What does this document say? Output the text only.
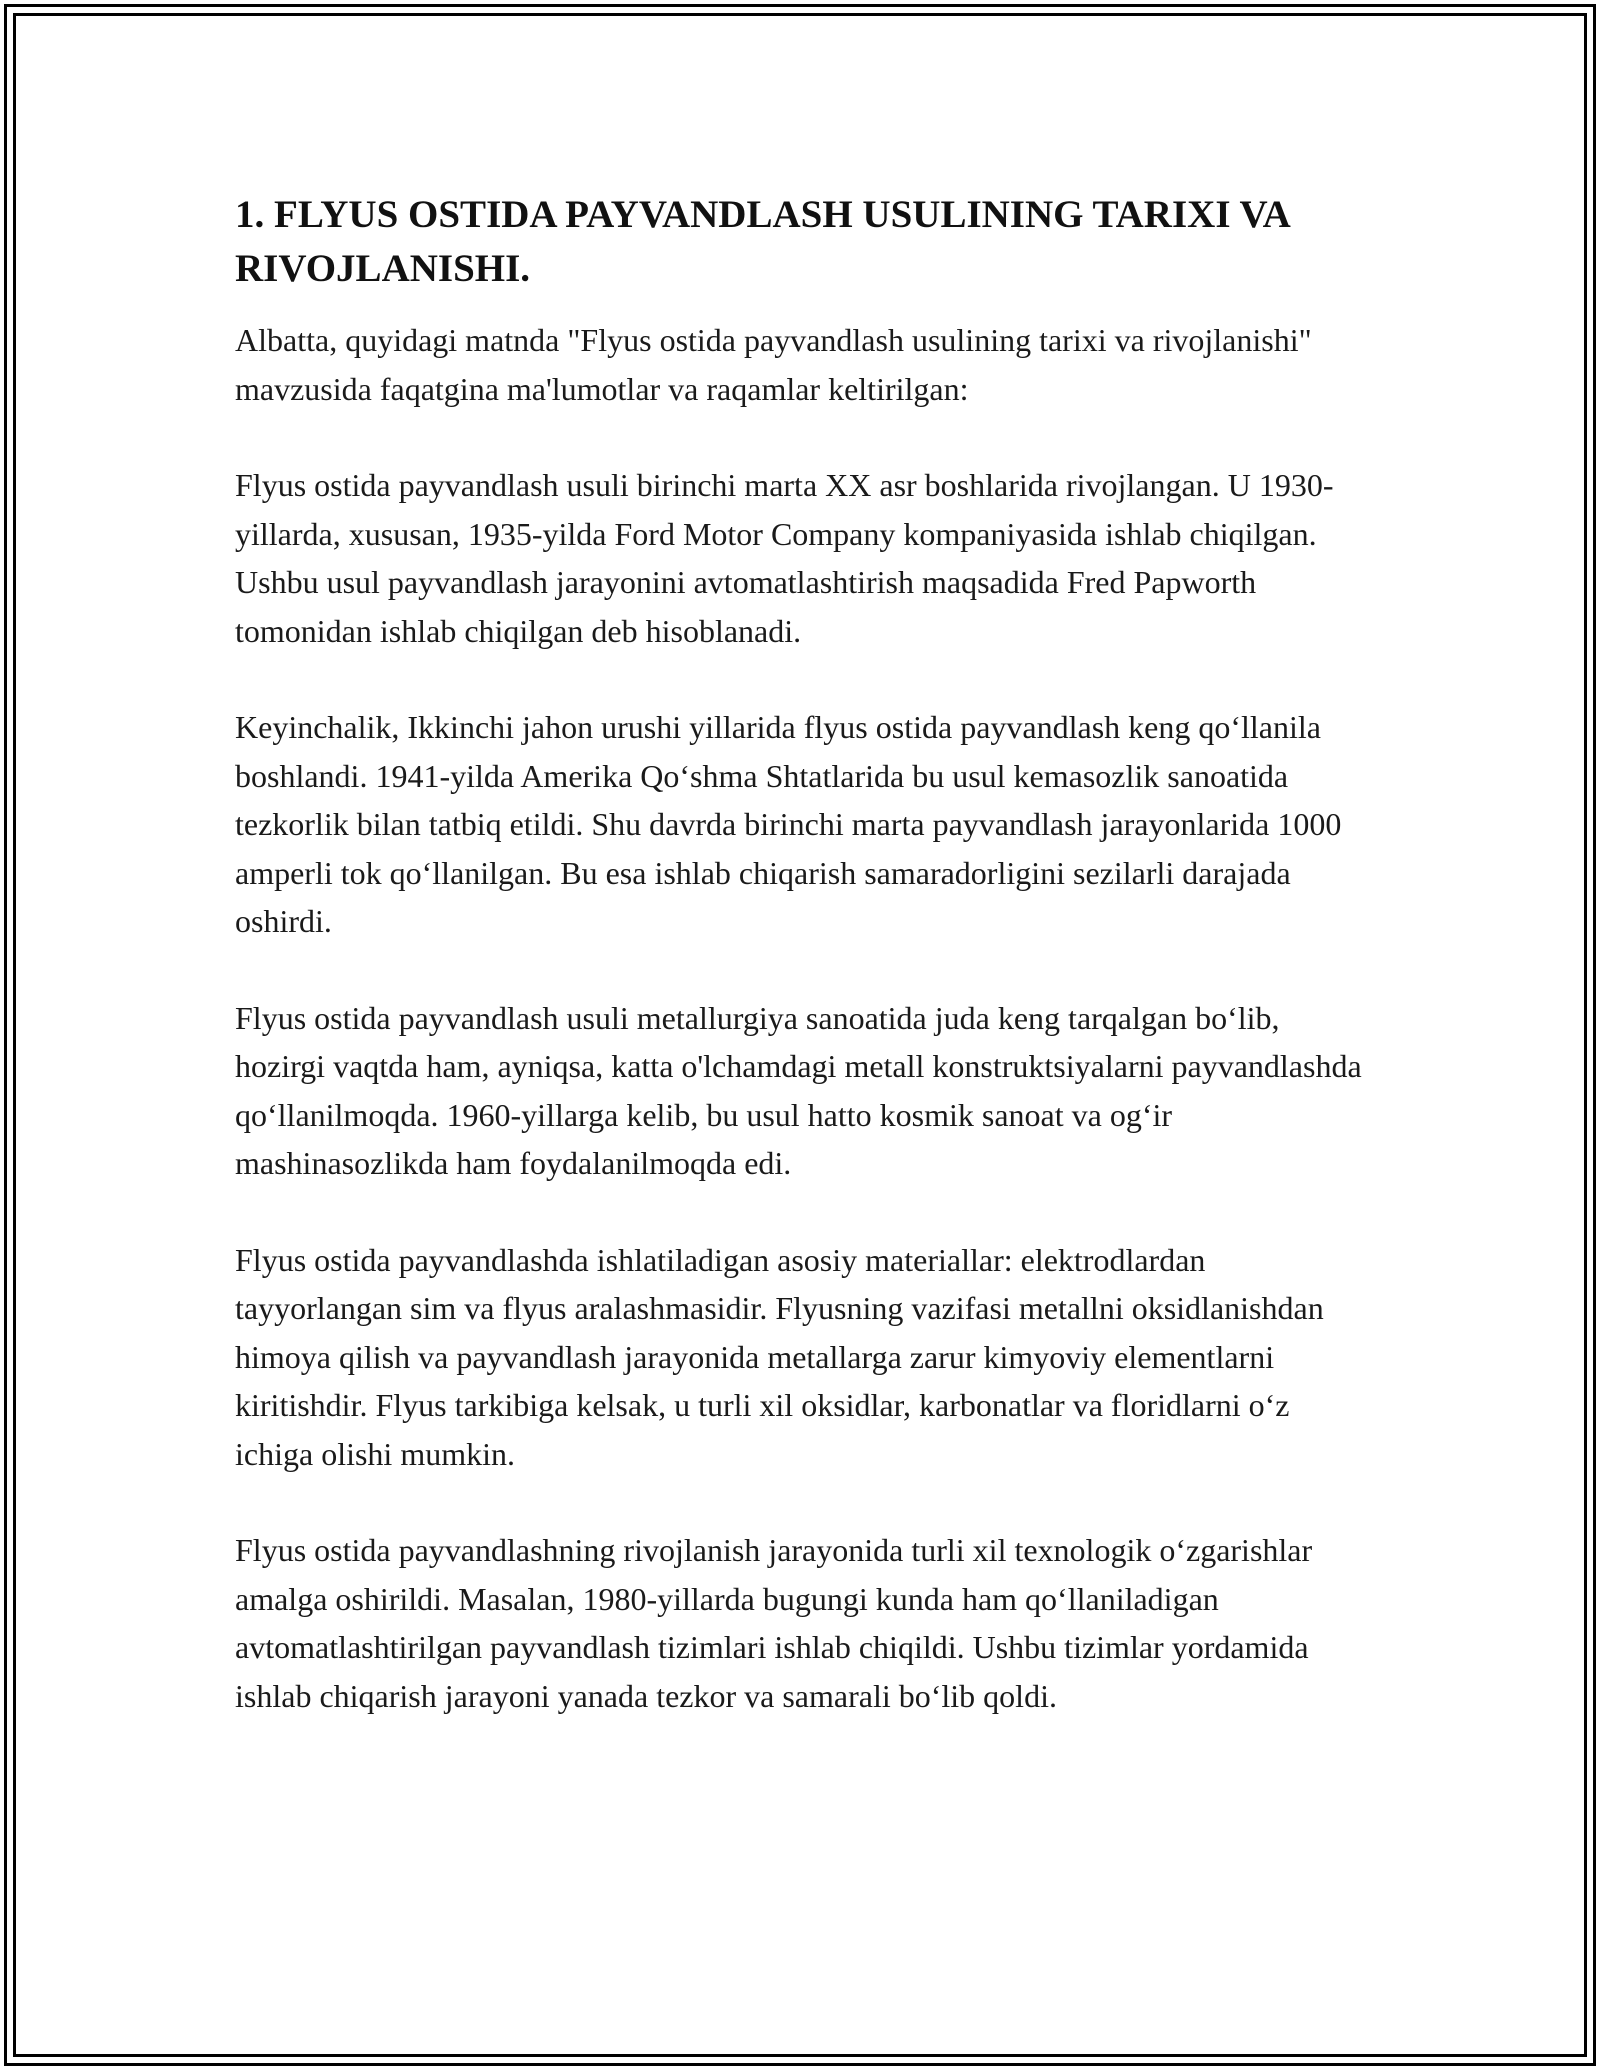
1. FLYUS OSTIDA PAYVANDLASH USULINING TARIXI VA RIVOJLANISHI.

Albatta, quyidagi matnda "Flyus ostida payvandlash usulining tarixi va rivojlanishi" mavzusida faqatgina ma'lumotlar va raqamlar keltirilgan:

Flyus ostida payvandlash usuli birinchi marta XX asr boshlarida rivojlangan. U 1930-yillarda, xususan, 1935-yilda Ford Motor Company kompaniyasida ishlab chiqilgan. Ushbu usul payvandlash jarayonini avtomatlashtirish maqsadida Fred Papworth tomonidan ishlab chiqilgan deb hisoblanadi.

Keyinchalik, Ikkinchi jahon urushi yillarida flyus ostida payvandlash keng qo‘llanila boshlandi. 1941-yilda Amerika Qo‘shma Shtatlarida bu usul kemasozlik sanoatida tezkorlik bilan tatbiq etildi. Shu davrda birinchi marta payvandlash jarayonlarida 1000 amperli tok qo‘llanilgan. Bu esa ishlab chiqarish samaradorligini sezilarli darajada oshirdi.

Flyus ostida payvandlash usuli metallurgiya sanoatida juda keng tarqalgan bo‘lib, hozirgi vaqtda ham, ayniqsa, katta o'lchamdagi metall konstruktsiyalarni payvandlashda qo‘llanilmoqda. 1960-yillarga kelib, bu usul hatto kosmik sanoat va og‘ir mashinasozlikda ham foydalanilmoqda edi.

Flyus ostida payvandlashda ishlatiladigan asosiy materiallar: elektrodlardan tayyorlangan sim va flyus aralashmasidir. Flyusning vazifasi metallni oksidlanishdan himoya qilish va payvandlash jarayonida metallarga zarur kimyoviy elementlarni kiritishdir. Flyus tarkibiga kelsak, u turli xil oksidlar, karbonatlar va floridlarni o‘z ichiga olishi mumkin.

Flyus ostida payvandlashning rivojlanish jarayonida turli xil texnologik o‘zgarishlar amalga oshirildi. Masalan, 1980-yillarda bugungi kunda ham qo‘llaniladigan avtomatlashtirilgan payvandlash tizimlari ishlab chiqildi. Ushbu tizimlar yordamida ishlab chiqarish jarayoni yanada tezkor va samarali bo‘lib qoldi.
